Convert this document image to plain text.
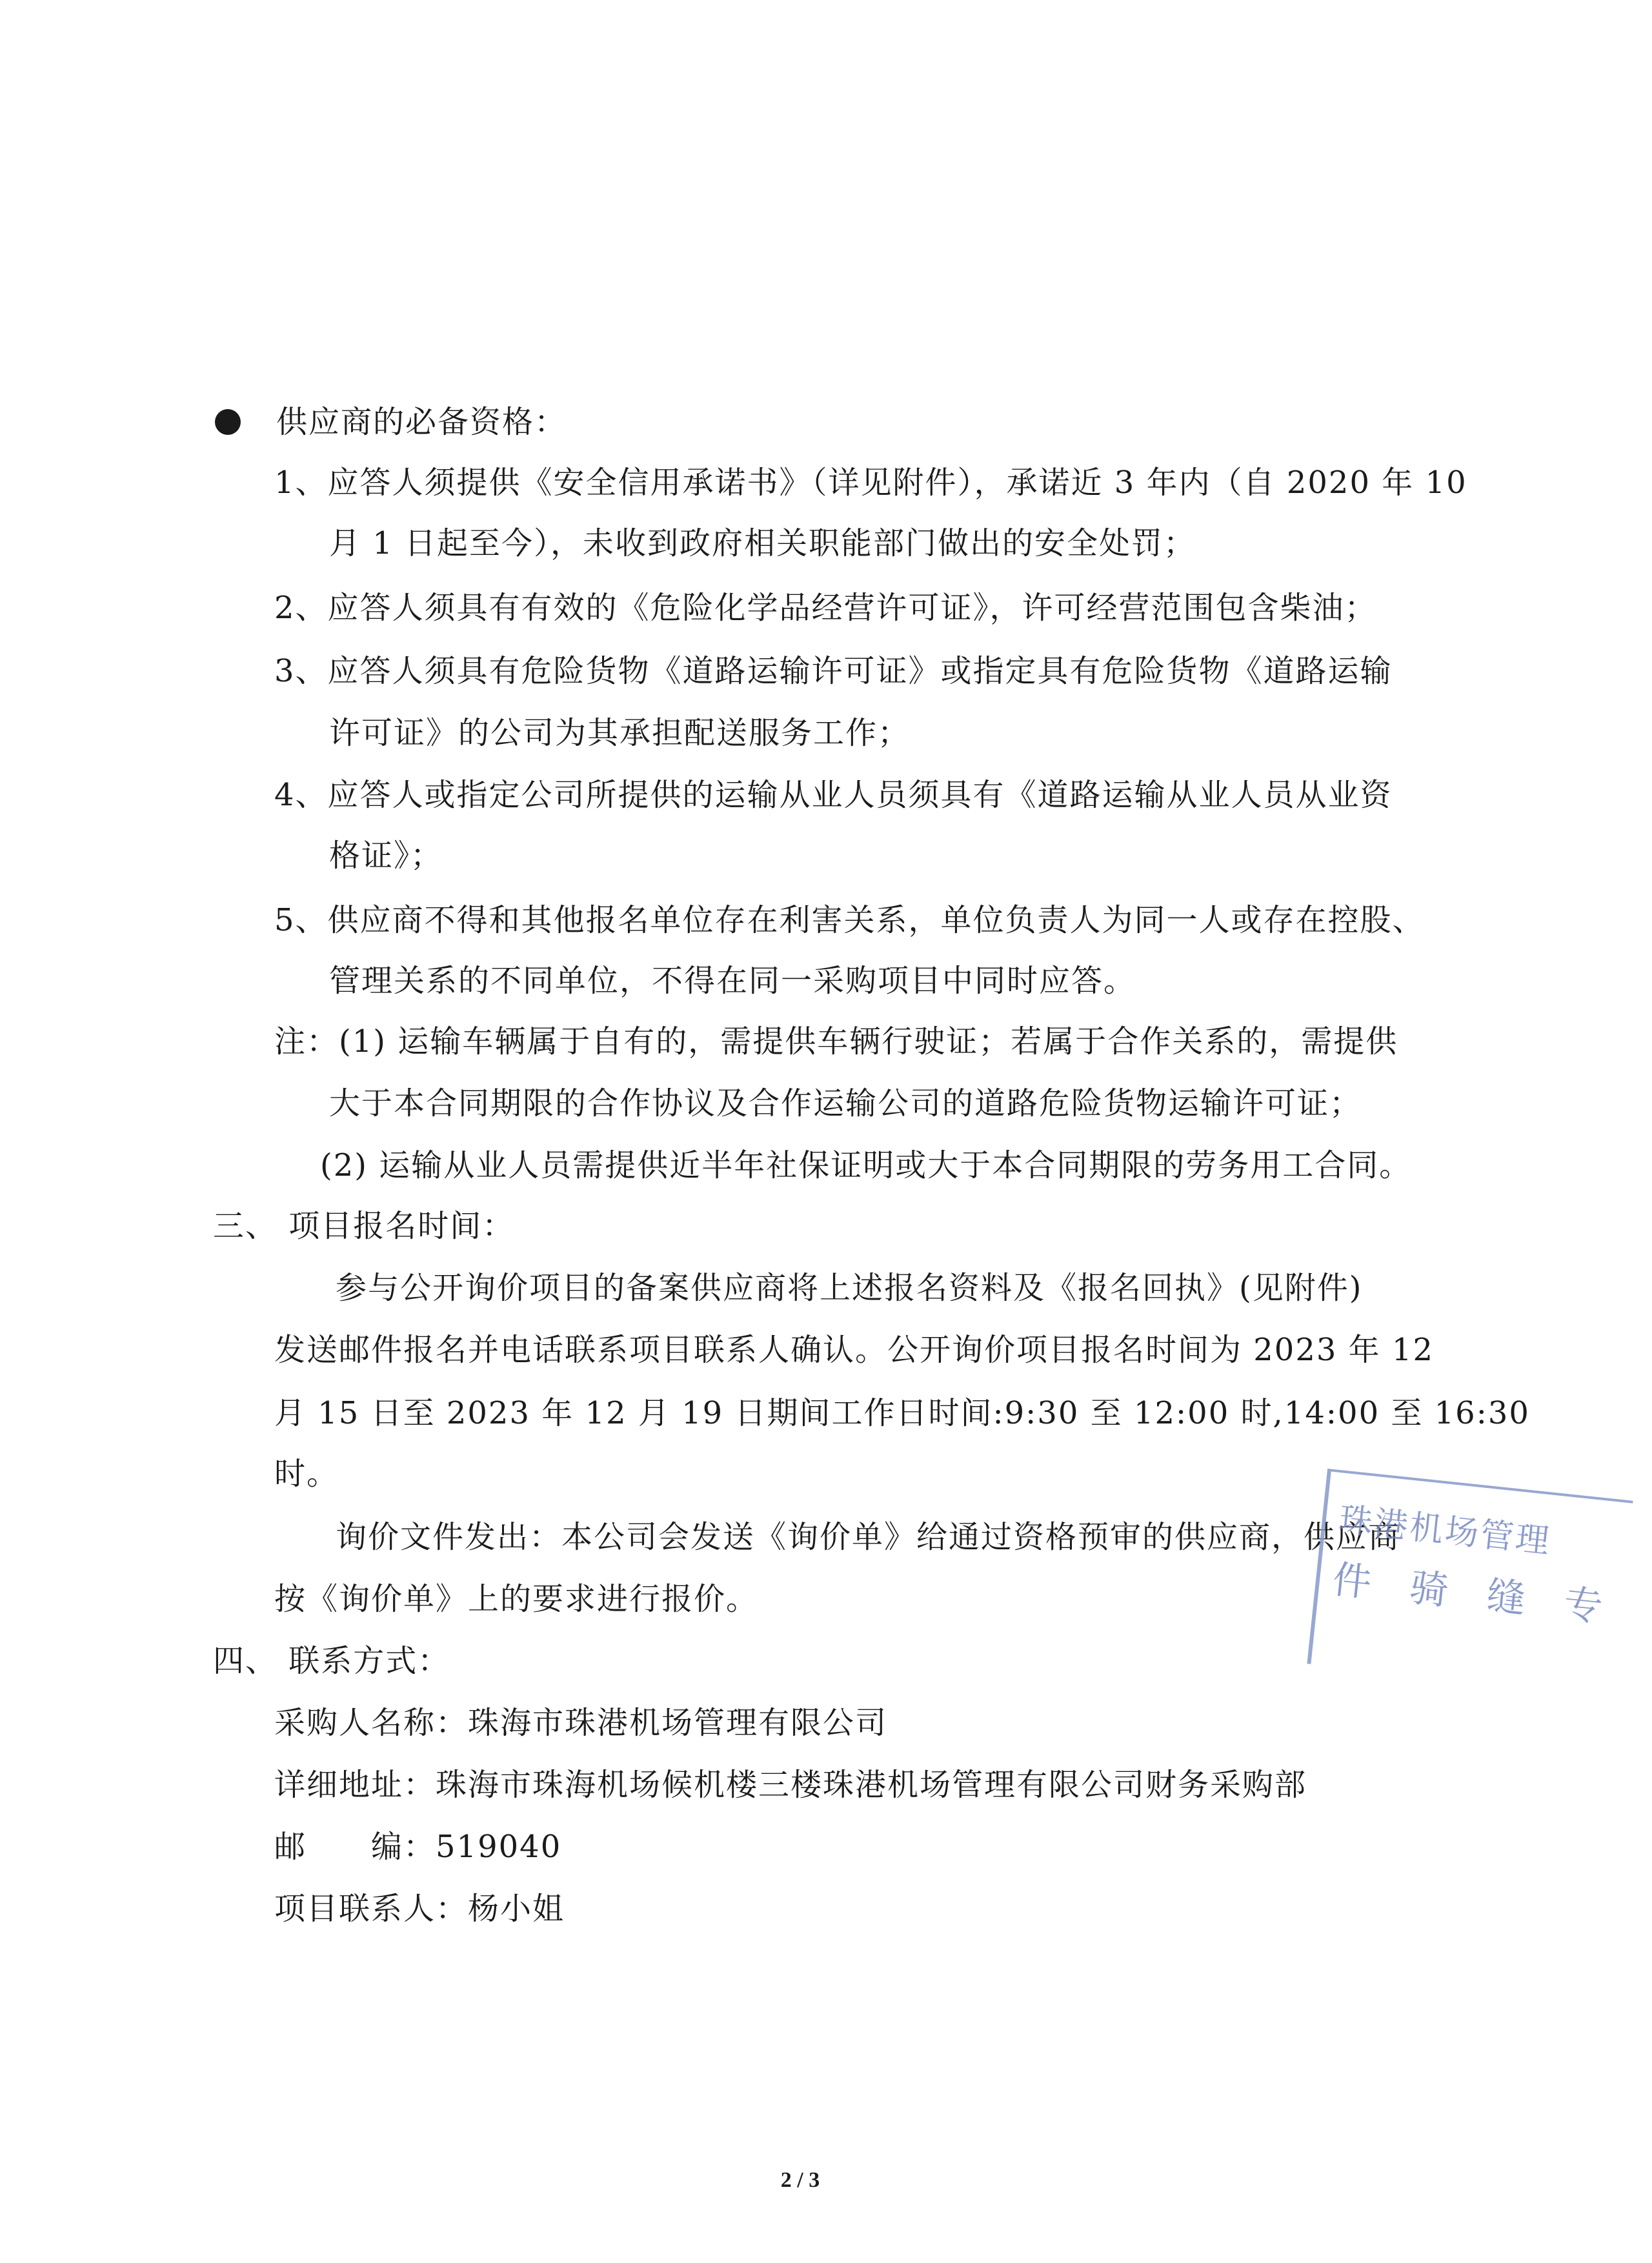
供应商的必备资格：
1、应答人须提供《安全信用承诺书》（详见附件），承诺近 3 年内（自 2020 年 10
月 1 日起至今），未收到政府相关职能部门做出的安全处罚；
2、应答人须具有有效的《危险化学品经营许可证》，许可经营范围包含柴油；
3、应答人须具有危险货物《道路运输许可证》或指定具有危险货物《道路运输
许可证》的公司为其承担配送服务工作；
4、应答人或指定公司所提供的运输从业人员须具有《道路运输从业人员从业资
格证》；
5、供应商不得和其他报名单位存在利害关系，单位负责人为同一人或存在控股、
管理关系的不同单位，不得在同一采购项目中同时应答。
注：(1) 运输车辆属于自有的，需提供车辆行驶证；若属于合作关系的，需提供
大于本合同期限的合作协议及合作运输公司的道路危险货物运输许可证；
(2) 运输从业人员需提供近半年社保证明或大于本合同期限的劳务用工合同。
三、 项目报名时间：
参与公开询价项目的备案供应商将上述报名资料及《报名回执》(见附件)
发送邮件报名并电话联系项目联系人确认。公开询价项目报名时间为 2023 年 12
月 15 日至 2023 年 12 月 19 日期间工作日时间:9:30 至 12:00 时,14:00 至 16:30
时。
询价文件发出：本公司会发送《询价单》给通过资格预审的供应商，供应商
按《询价单》上的要求进行报价。
四、 联系方式：
采购人名称：珠海市珠港机场管理有限公司
详细地址：珠海市珠海机场候机楼三楼珠港机场管理有限公司财务采购部
邮　　编：519040
项目联系人：杨小姐
珠港机场管理
件骑缝专
2 / 3
